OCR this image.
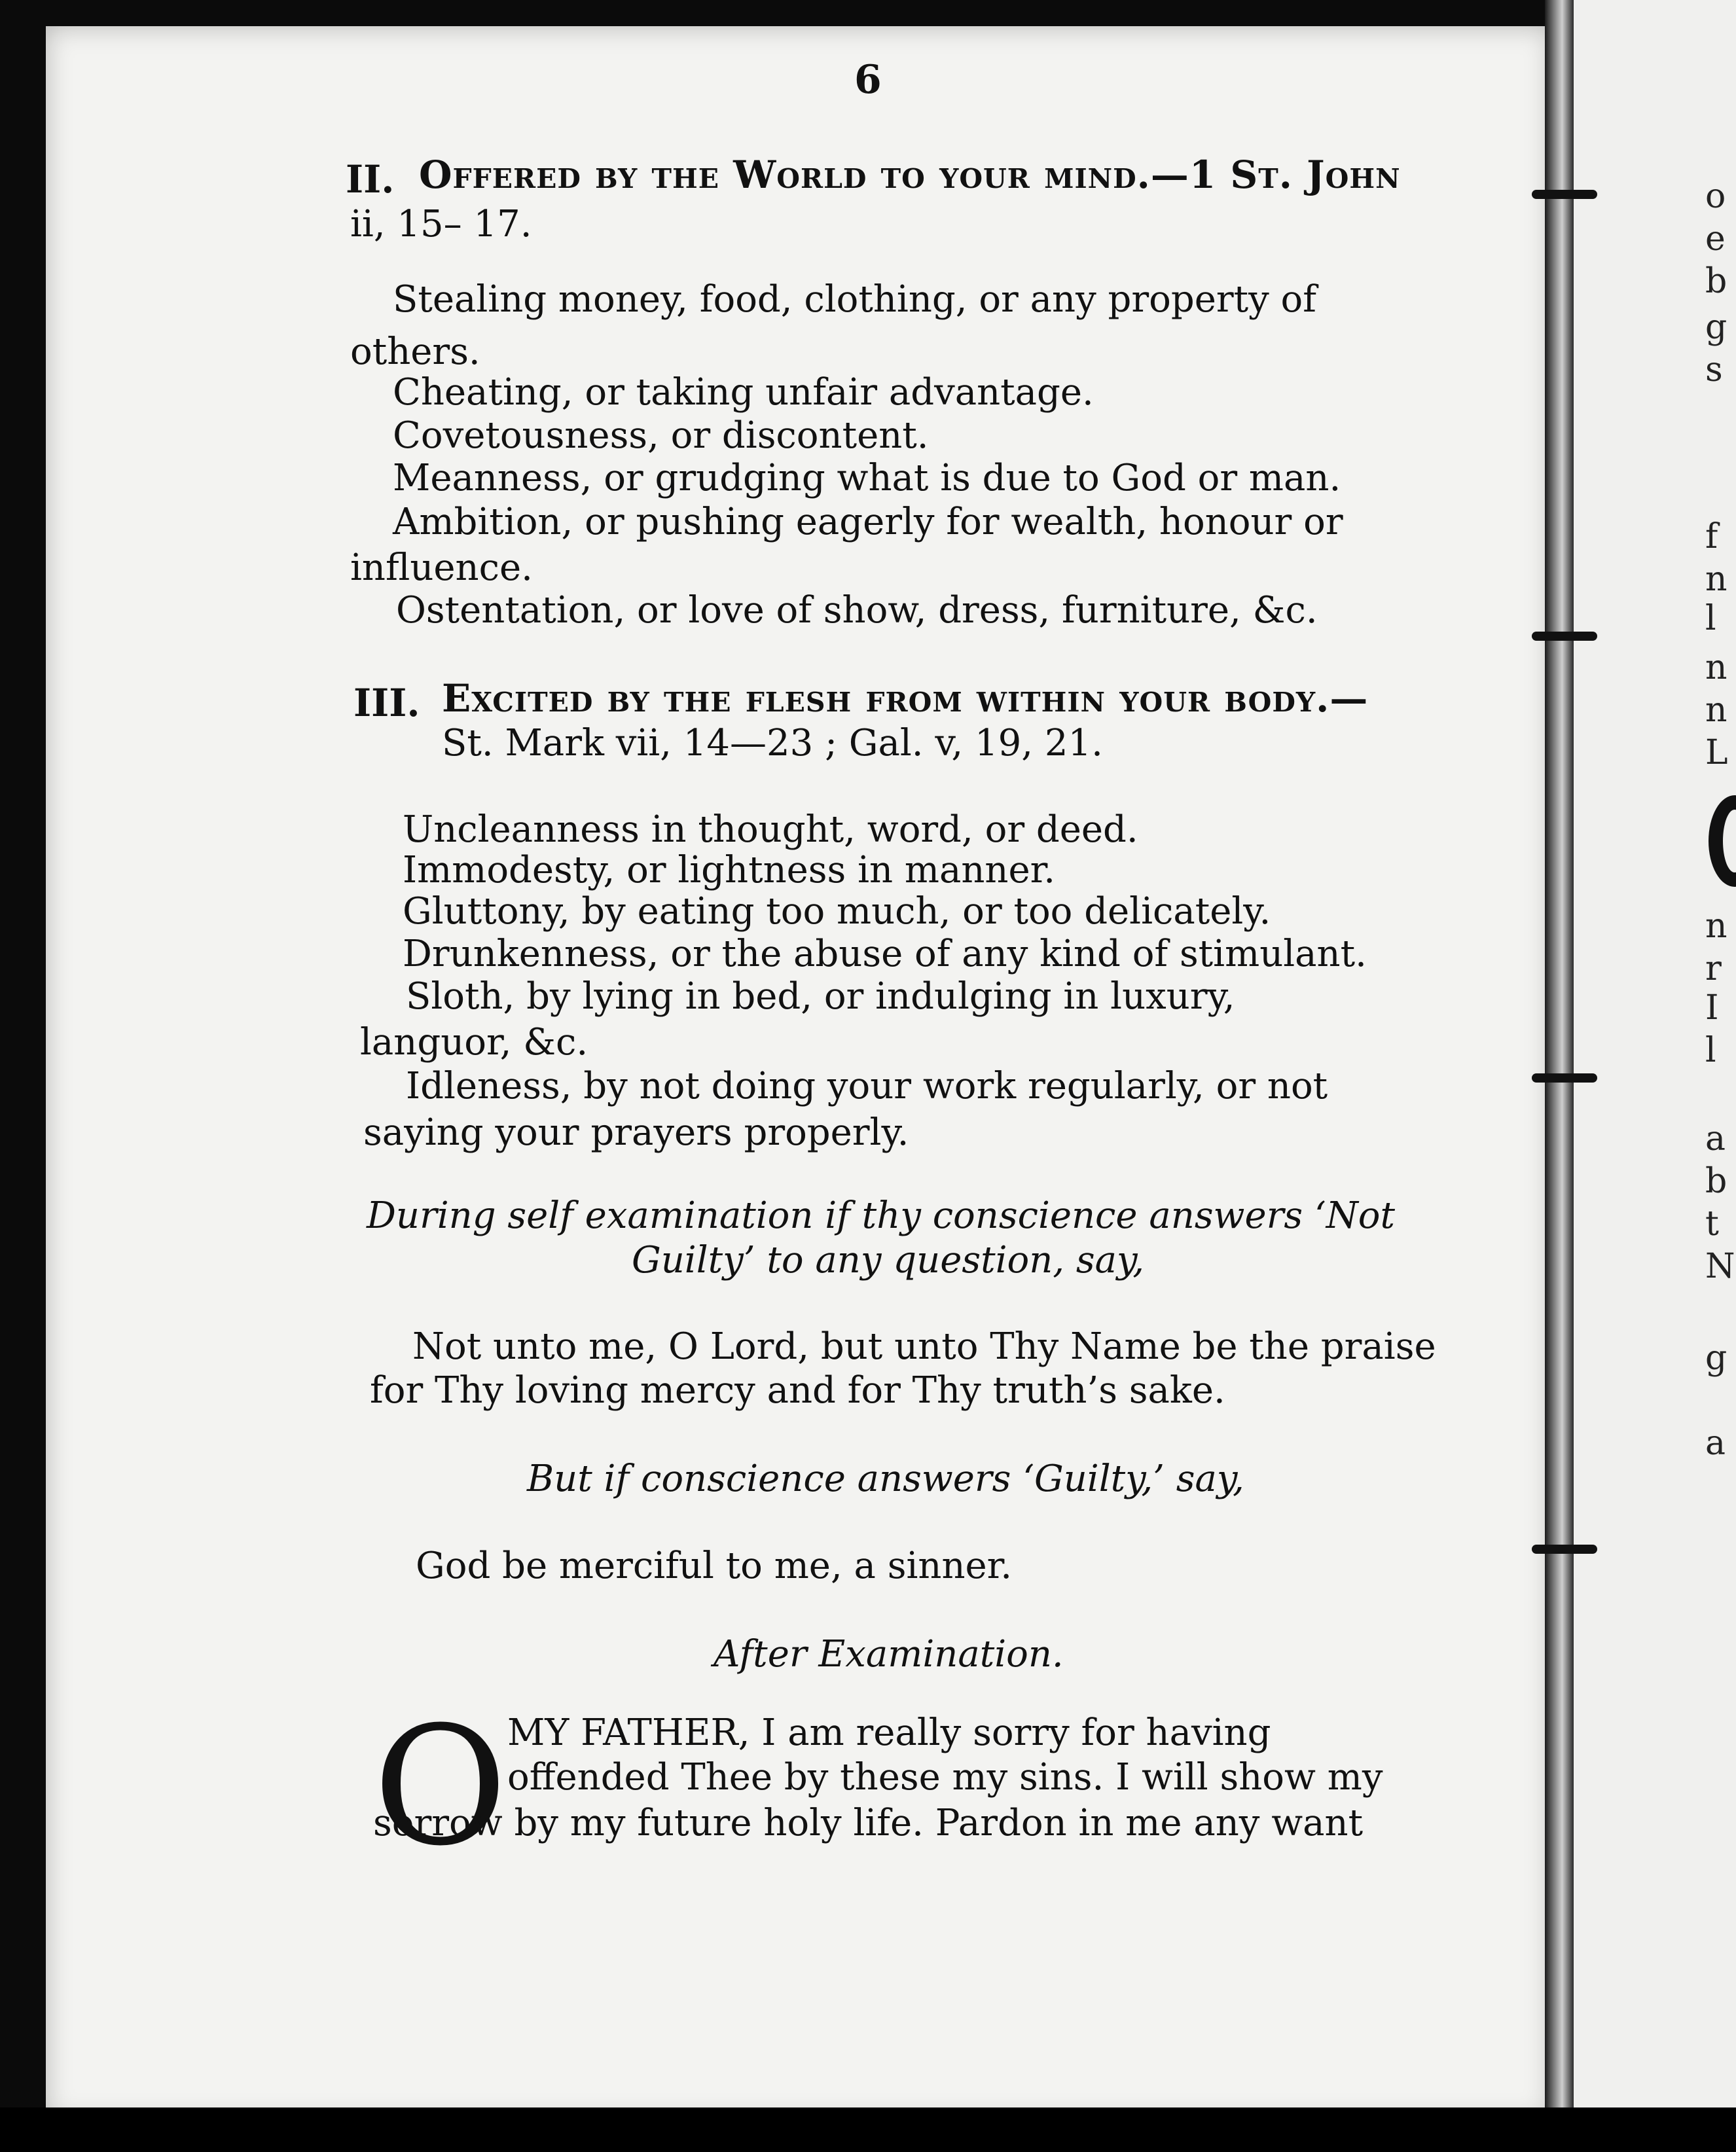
o
e
b
g
s
f
n
l
n
n
L
n
r
I
l
a
b
t
N
g
a
6
II. Offered by the World to your mind.—1 St. John
ii, 15– 17.
Stealing money, food, clothing, or any property of
others.
Cheating, or taking unfair advantage.
Covetousness, or discontent.
Meanness, or grudging what is due to God or man.
Ambition, or pushing eagerly for wealth, honour or
influence.
Ostentation, or love of show, dress, furniture, &c.
III. Excited by the flesh from within your body.—
St. Mark vii, 14—23 ; Gal. v, 19, 21.
Uncleanness in thought, word, or deed.
Immodesty, or lightness in manner.
Gluttony, by eating too much, or too delicately.
Drunkenness, or the abuse of any kind of stimulant.
Sloth, by lying in bed, or indulging in luxury,
languor, &c.
Idleness, by not doing your work regularly, or not
saying your prayers properly.
During self examination if thy conscience answers ‘Not
Guilty’ to any question, say,
Not unto me, O Lord, but unto Thy Name be the praise
for Thy loving mercy and for Thy truth’s sake.
But if conscience answers ‘Guilty,’ say,
God be merciful to me, a sinner.
After Examination.
O MY FATHER, I am really sorry for having
offended Thee by these my sins. I will show my
sorrow by my future holy life. Pardon in me any want
